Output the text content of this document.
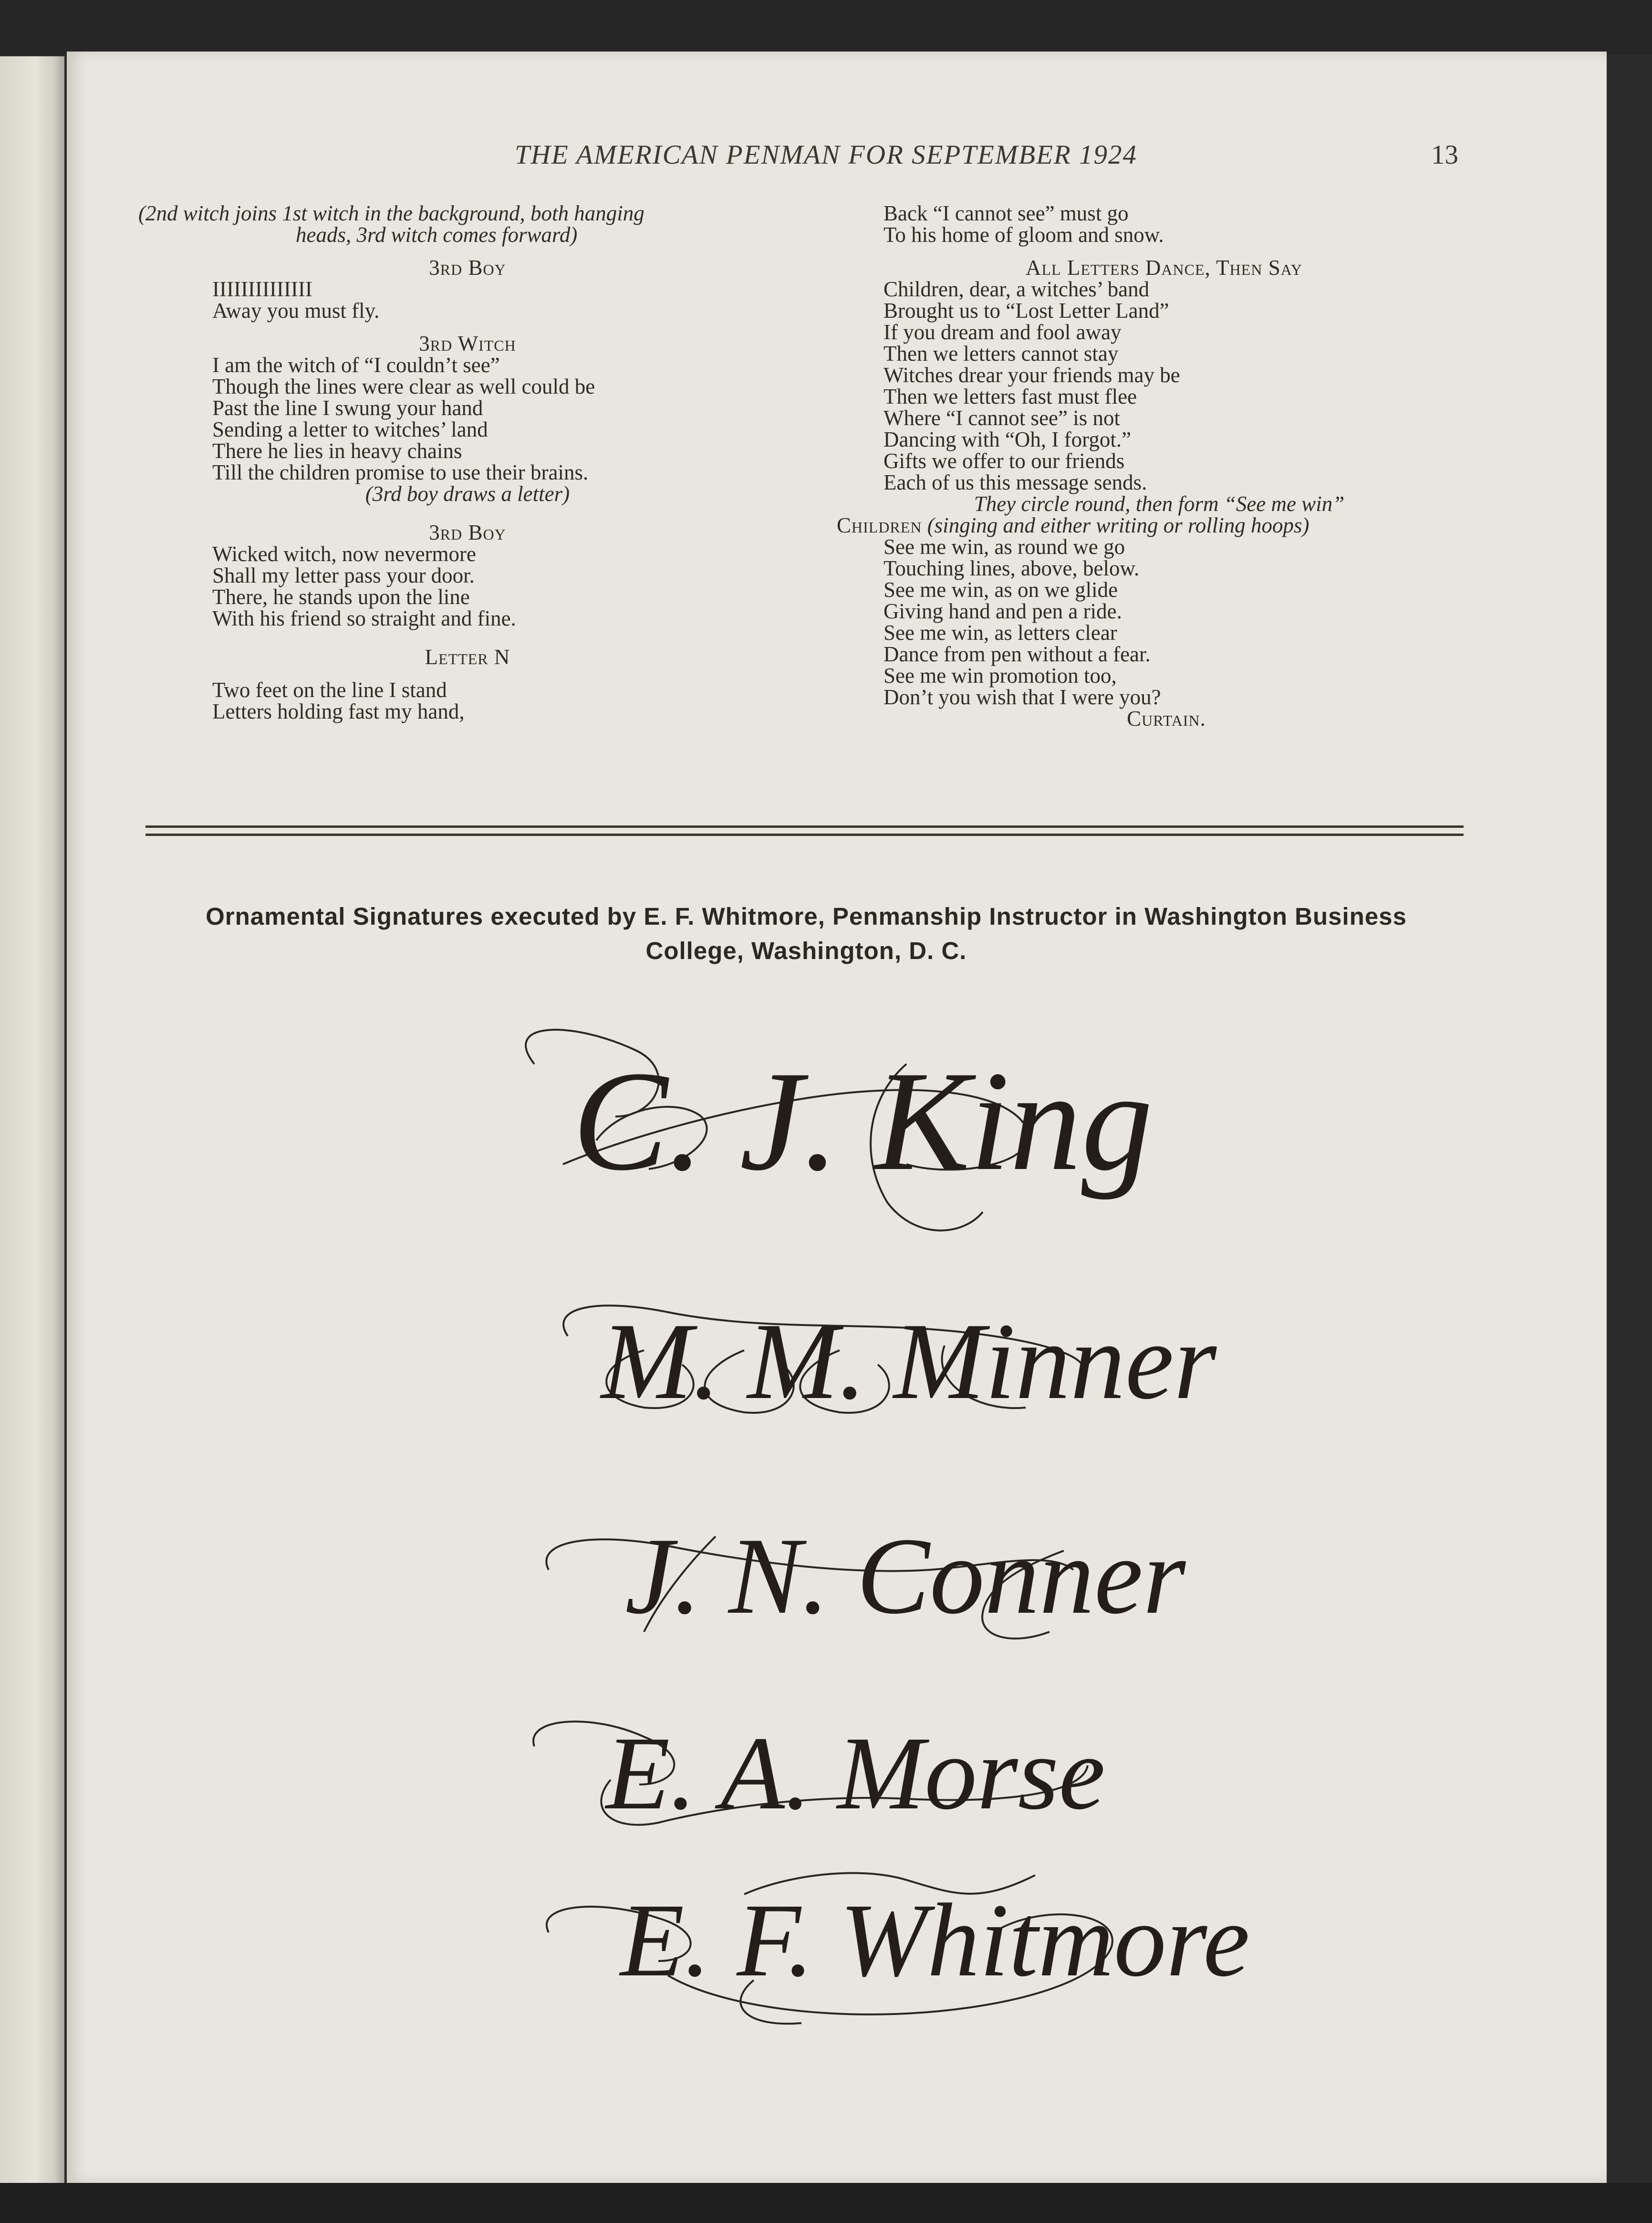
THE AMERICAN PENMAN FOR SEPTEMBER 1924	13
(2nd witch joins 1st witch in the background, both hanging
heads, 3rd witch comes forward)
3rd Boy
IIIIIIIIIIIIII
Away you must fly.
3rd Witch
I am the witch of “I couldn’t see”
Though the lines were clear as well could be
Past the line I swung your hand
Sending a letter to witches’ land
There he lies in heavy chains
Till the children promise to use their brains.
(3rd boy draws a letter)
3rd Boy
Wicked witch, now nevermore
Shall my letter pass your door.
There, he stands upon the line
With his friend so straight and fine.
Letter N
Two feet on the line I stand
Letters holding fast my hand,
Back “I cannot see” must go
To his home of gloom and snow.
All Letters Dance, Then Say
Children, dear, a witches’ band
Brought us to “Lost Letter Land”
If you dream and fool away
Then we letters cannot stay
Witches drear your friends may be
Then we letters fast must flee
Where “I cannot see” is not
Dancing with “Oh, I forgot.”
Gifts we offer to our friends
Each of us this message sends.
They circle round, then form “See me win”
Children (singing and either writing or rolling hoops)
See me win, as round we go
Touching lines, above, below.
See me win, as on we glide
Giving hand and pen a ride.
See me win, as letters clear
Dance from pen without a fear.
See me win promotion too,
Don’t you wish that I were you?
Curtain.
Ornamental Signatures executed by E. F. Whitmore, Penmanship Instructor in Washington Business
College, Washington, D. C.
C. J. King
M. M. Minner
J. N. Conner
E. A. Morse
E. F. Whitmore
